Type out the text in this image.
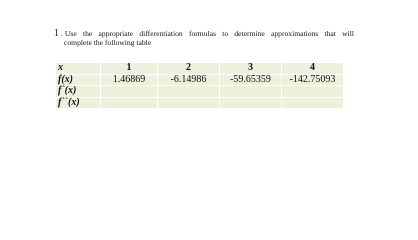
1 . Use the appropriate differentiation formulas to determine approximations that will
complete the following table
x	1	2	3	4
f(x)	1.46869	-6.14986	-59.65359	-142.75093
f`(x)				
f``(x)				
